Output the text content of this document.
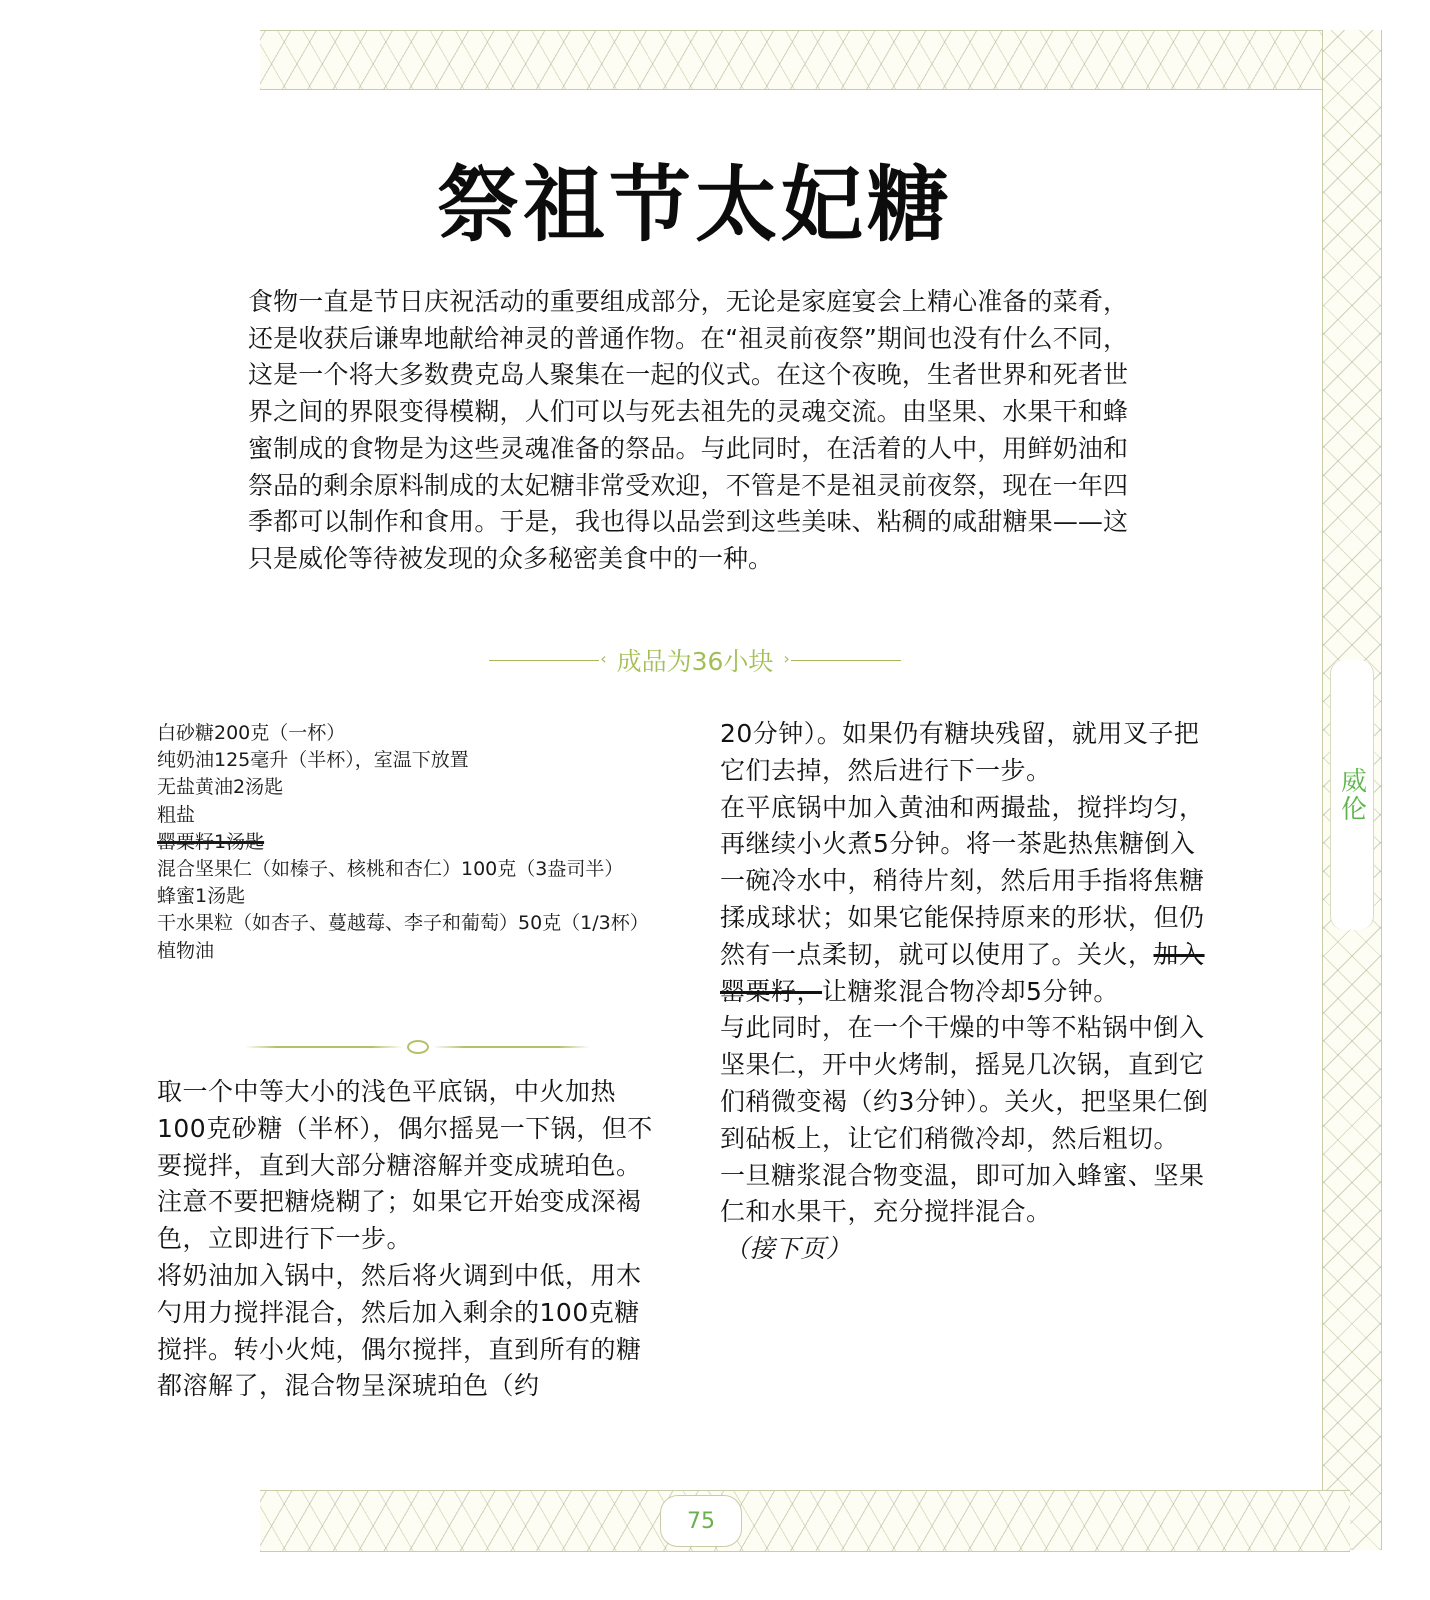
威伦
75
祭祖节太妃糖

食物一直是节日庆祝活动的重要组成部分，无论是家庭宴会上精心准备的菜肴，还是收获后谦卑地献给神灵的普通作物。在“祖灵前夜祭”期间也没有什么不同，这是一个将大多数费克岛人聚集在一起的仪式。在这个夜晚，生者世界和死者世界之间的界限变得模糊，人们可以与死去祖先的灵魂交流。由坚果、水果干和蜂蜜制成的食物是为这些灵魂准备的祭品。与此同时，在活着的人中，用鲜奶油和祭品的剩余原料制成的太妃糖非常受欢迎，不管是不是祖灵前夜祭，现在一年四季都可以制作和食用。于是，我也得以品尝到这些美味、粘稠的咸甜糖果——这只是威伦等待被发现的众多秘密美食中的一种。

‹
成品为36小块
›
白砂糖200克（一杯）
纯奶油125毫升（半杯），室温下放置
无盐黄油2汤匙
粗盐
罂粟籽1汤匙
混合坚果仁（如榛子、核桃和杏仁）100克（3盎司半）
蜂蜜1汤匙
干水果粒（如杏子、蔓越莓、李子和葡萄）50克（1/3杯）
植物油
取一个中等大小的浅色平底锅，中火加热100克砂糖（半杯），偶尔摇晃一下锅，但不要搅拌，直到大部分糖溶解并变成琥珀色。注意不要把糖烧糊了；如果它开始变成深褐色，立即进行下一步。
将奶油加入锅中，然后将火调到中低，用木勺用力搅拌混合，然后加入剩余的100克糖搅拌。转小火炖，偶尔搅拌，直到所有的糖都溶解了，混合物呈深琥珀色（约
20分钟）。如果仍有糖块残留，就用叉子把它们去掉，然后进行下一步。
在平底锅中加入黄油和两撮盐，搅拌均匀，再继续小火煮5分钟。将一茶匙热焦糖倒入一碗冷水中，稍待片刻，然后用手指将焦糖揉成球状；如果它能保持原来的形状，但仍然有一点柔韧，就可以使用了。关火，加入罂粟籽，让糖浆混合物冷却5分钟。
与此同时，在一个干燥的中等不粘锅中倒入坚果仁，开中火烤制，摇晃几次锅，直到它们稍微变褐（约3分钟）。关火，把坚果仁倒到砧板上，让它们稍微冷却，然后粗切。
一旦糖浆混合物变温，即可加入蜂蜜、坚果仁和水果干，充分搅拌混合。
（接下页）
